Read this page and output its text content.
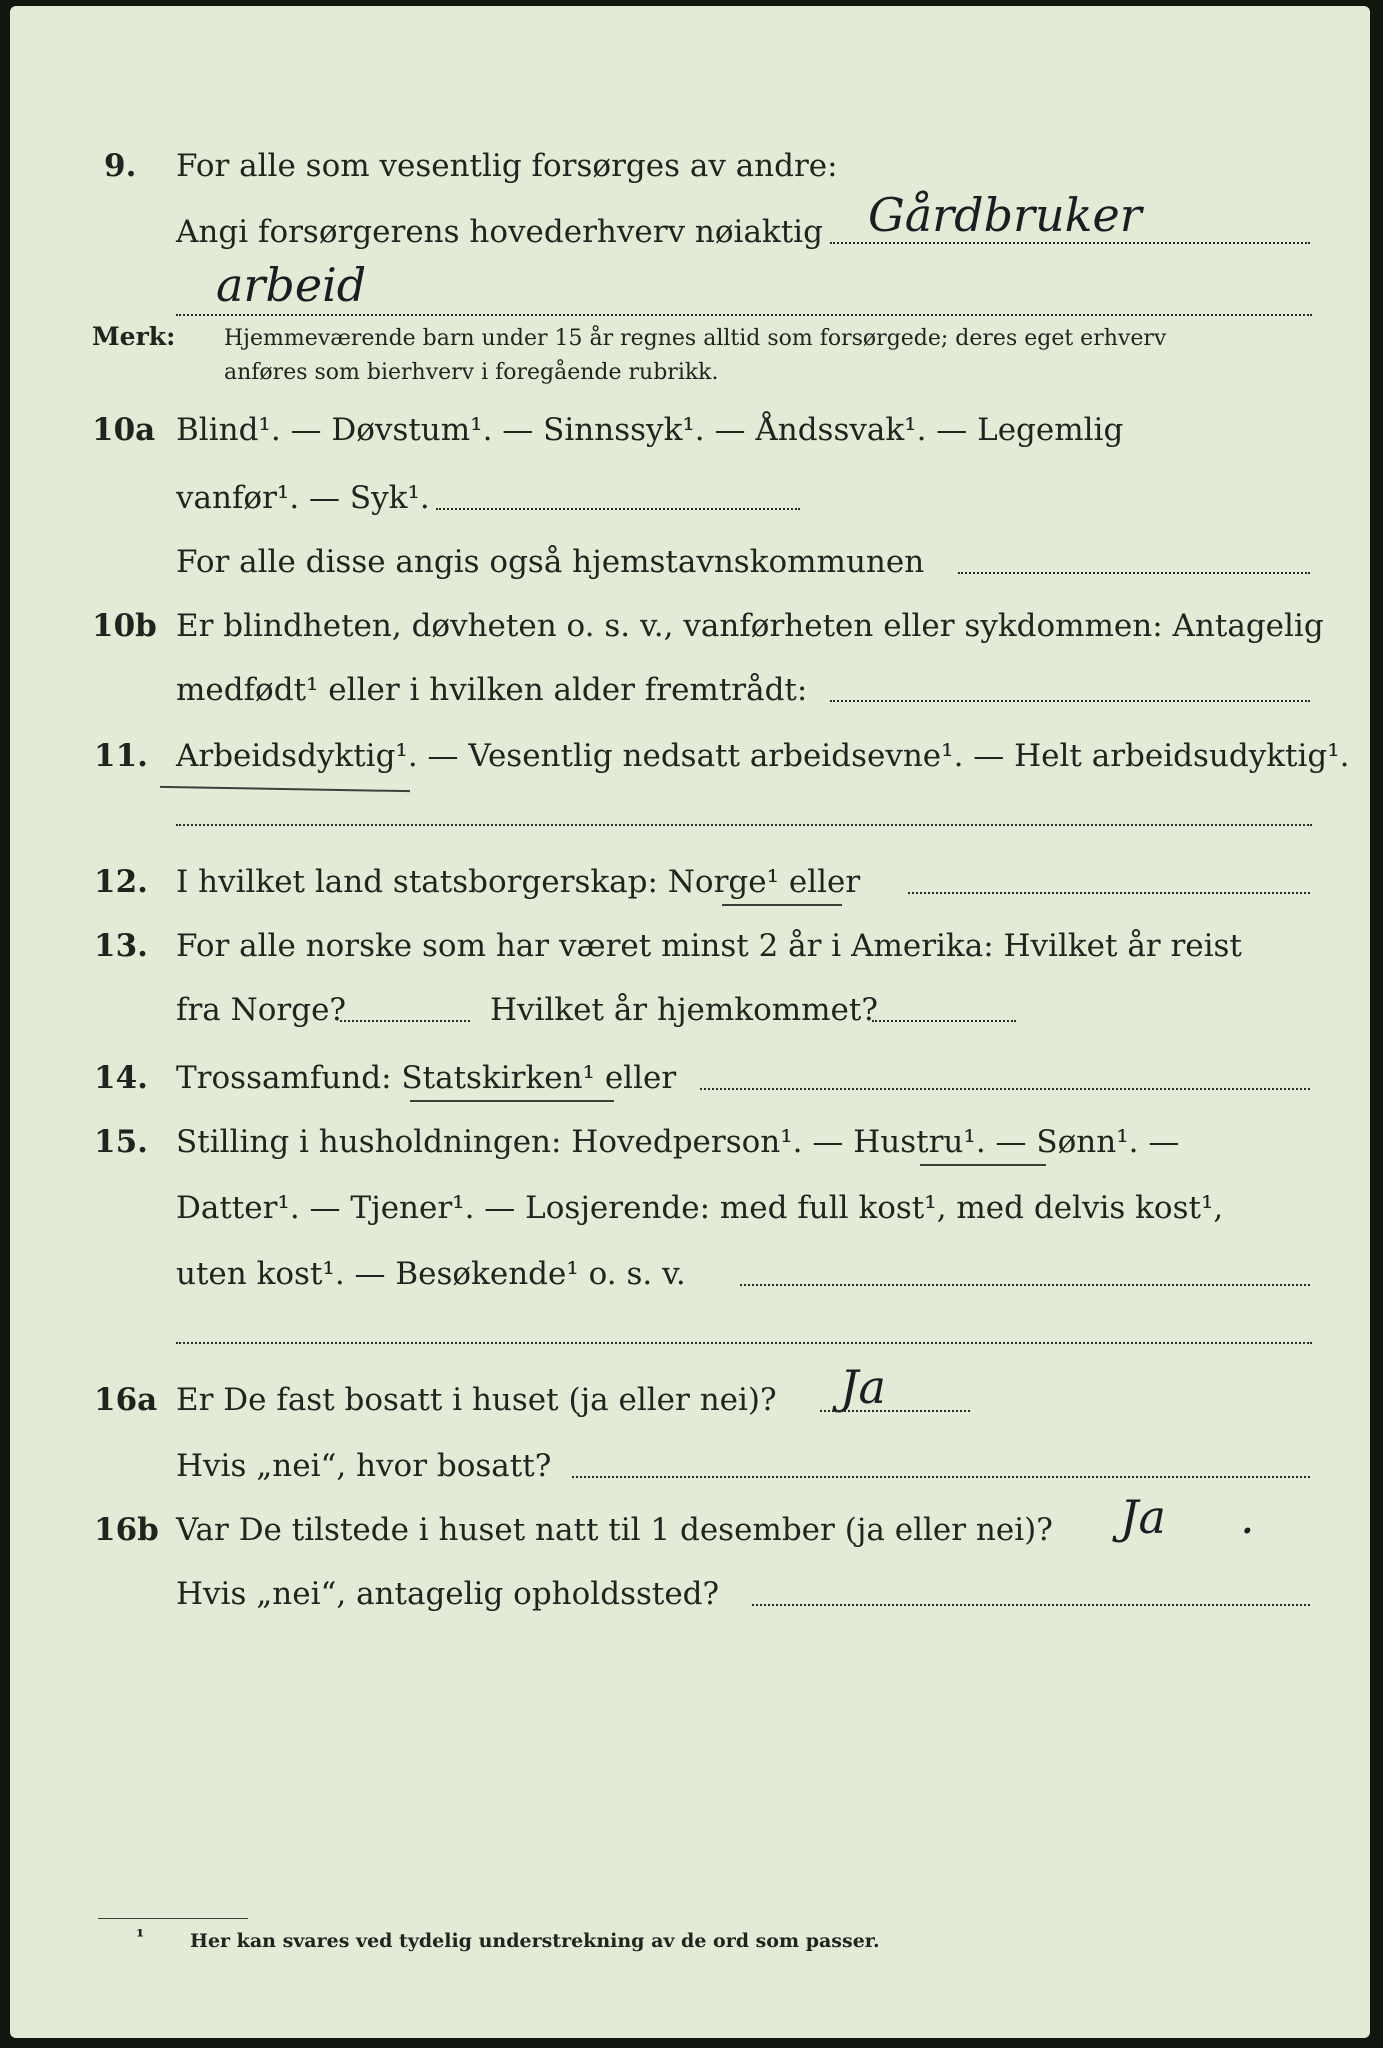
9. For alle som vesentlig forsørges av andre:
Angi forsørgerens hovederhverv nøiaktig Gårdbruker
arbeid
Merk: Hjemmeværende barn under 15 år regnes alltid som forsørgede; deres eget erhverv
anføres som bierhverv i foregående rubrikk.
10a Blind¹. — Døvstum¹. — Sinnssyk¹. — Åndssvak¹. — Legemlig
vanfør¹. — Syk¹.
For alle disse angis også hjemstavnskommunen
10b Er blindheten, døvheten o. s. v., vanførheten eller sykdommen: Antagelig
medfødt¹ eller i hvilken alder fremtrådt:
11. Arbeidsdyktig¹. — Vesentlig nedsatt arbeidsevne¹. — Helt arbeidsudyktig¹.
12. I hvilket land statsborgerskap: Norge¹ eller
13. For alle norske som har været minst 2 år i Amerika: Hvilket år reist
fra Norge?	Hvilket år hjemkommet?
14. Trossamfund: Statskirken¹ eller
15. Stilling i husholdningen: Hovedperson¹. — Hustru¹. — Sønn¹. —
Datter¹. — Tjener¹. — Losjerende: med full kost¹, med delvis kost¹,
uten kost¹. — Besøkende¹ o. s. v.
16a Er De fast bosatt i huset (ja eller nei)? Ja
Hvis „nei“, hvor bosatt?
16b Var De tilstede i huset natt til 1 desember (ja eller nei)? Ja .
Hvis „nei“, antagelig opholdssted?
¹ Her kan svares ved tydelig understrekning av de ord som passer.
